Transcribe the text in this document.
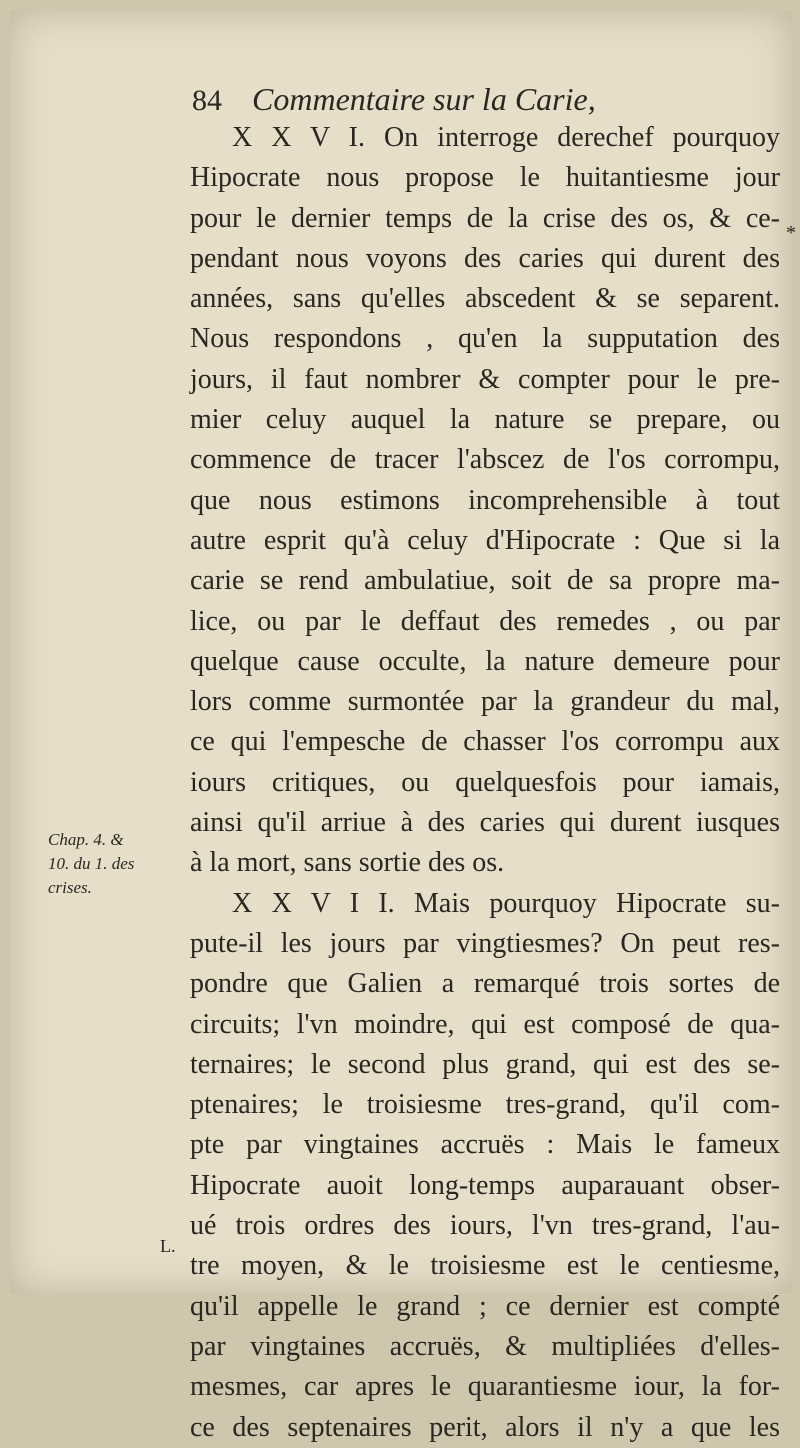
84 Commentaire sur la Carie,
*
X X V I. On interroge derechef pourquoy
Hipocrate nous propose le huitantiesme jour
pour le dernier temps de la crise des os, & ce-
pendant nous voyons des caries qui durent des
années, sans qu'elles abscedent & se separent.
Nous respondons , qu'en la supputation des
jours, il faut nombrer & compter pour le pre-
mier celuy auquel la nature se prepare, ou
commence de tracer l'abscez de l'os corrompu,
que nous estimons incomprehensible à tout
autre esprit qu'à celuy d'Hipocrate : Que si la
carie se rend ambulatiue, soit de sa propre ma-
lice, ou par le deffaut des remedes , ou par
quelque cause occulte, la nature demeure pour
lors comme surmontée par la grandeur du mal,
ce qui l'empesche de chasser l'os corrompu aux
iours critiques, ou quelquesfois pour iamais,
ainsi qu'il arriue à des caries qui durent iusques
à la mort, sans sortie des os.
X X V I I. Mais pourquoy Hipocrate su-
pute-il les jours par vingtiesmes? On peut res-
pondre que Galien a remarqué trois sortes de
circuits; l'vn moindre, qui est composé de qua-
ternaires; le second plus grand, qui est des se-
ptenaires; le troisiesme tres-grand, qu'il com-
pte par vingtaines accruës : Mais le fameux
Hipocrate auoit long-temps auparauant obser-
ué trois ordres des iours, l'vn tres-grand, l'au-
tre moyen, & le troisiesme est le centiesme,
qu'il appelle le grand ; ce dernier est compté
par vingtaines accruës, & multipliées d'elles-
mesmes, car apres le quarantiesme iour, la for-
ce des septenaires perit, alors il n'y a que les
Chap. 4. &
10. du 1. des
crises.
L.
